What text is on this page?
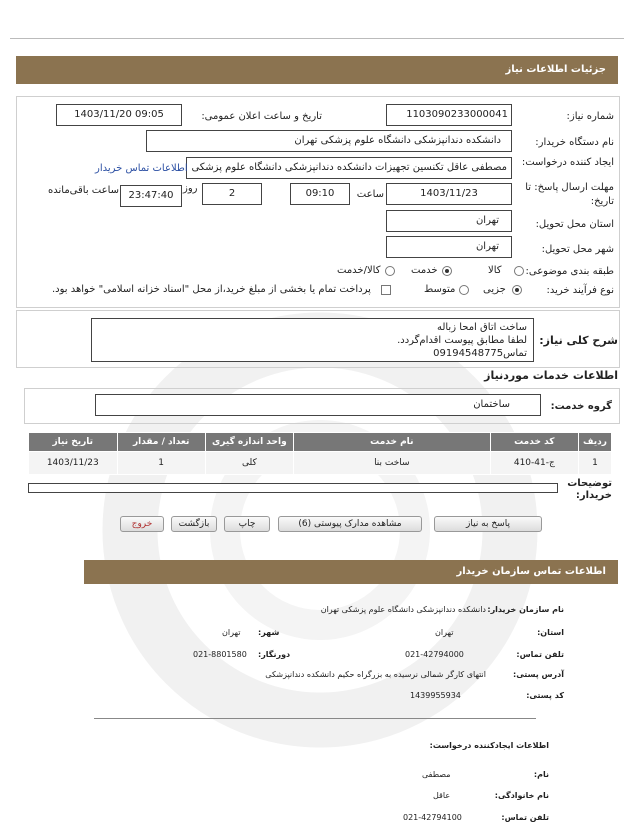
جزئیات اطلاعات نیاز
شماره نیاز:
1103090233000041
تاریخ و ساعت اعلان عمومی:
1403/11/20 09:05
نام دستگاه خریدار:
دانشکده دندانپزشکی دانشگاه علوم پزشکی تهران
ایجاد کننده درخواست:
مصطفی عاقل تکنسین تجهیزات دانشکده دندانپزشکی دانشگاه علوم پزشکی
اطلاعات تماس خریدار
مهلت ارسال پاسخ: تا تاریخ:
1403/11/23
ساعت
09:10
2
روز
23:47:40
ساعت باقی‌مانده
استان محل تحویل:
تهران
شهر محل تحویل:
تهران
طبقه بندی موضوعی:
کالا
خدمت
کالا/خدمت
نوع فرآیند خرید:
جزیی
متوسط
پرداخت تمام یا بخشی از مبلغ خرید،از محل "اسناد خزانه اسلامی" خواهد بود.
شرح کلی نیاز:
ساخت اتاق امحا زباله
لطفا مطابق پیوست اقدام‌گردد.
تماس09194548775
اطلاعات خدمات موردنیاز
گروه خدمت:
ساختمان
ردیف	کد خدمت	نام خدمت	واحد اندازه گیری	تعداد / مقدار	تاریخ نیاز
1	ج-41-410	ساخت بنا	کلی	1	1403/11/23
توضیحات خریدار:
پاسخ به نیاز
مشاهده مدارک پیوستی (6)
چاپ
بازگشت
خروج
اطلاعات تماس سازمان خریدار
نام سازمان خریدار:
دانشکده دندانپزشکی دانشگاه علوم پزشکی تهران
استان:
تهران
شهر:
تهران
تلفن تماس:
021-42794000
دورنگار:
021-8801580
آدرس پستی:
انتهای کارگر شمالی نرسیده به بزرگراه حکیم دانشکده دندانپزشکی
کد پستی:
1439955934
اطلاعات ایجادکننده درخواست:
نام:
مصطفی
نام خانوادگی:
عاقل
تلفن تماس:
021-42794100
